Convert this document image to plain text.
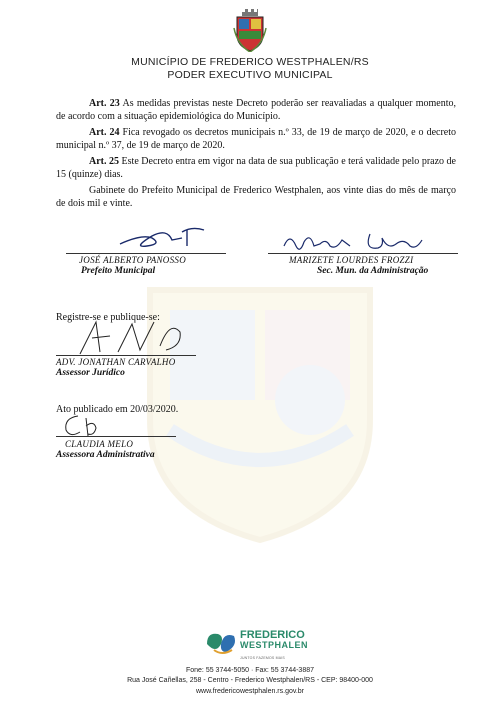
MUNICÍPIO DE FREDERICO WESTPHALEN/RS
PODER EXECUTIVO MUNICIPAL

Art. 23 As medidas previstas neste Decreto poderão ser reavaliadas a qualquer momento, de acordo com a situação epidemiológica do Município.

Art. 24 Fica revogado os decretos municipais n.º 33, de 19 de março de 2020, e o decreto municipal n.º 37, de 19 de março de 2020.

Art. 25 Este Decreto entra em vigor na data de sua publicação e terá validade pelo prazo de 15 (quinze) dias.

Gabinete do Prefeito Municipal de Frederico Westphalen, aos vinte dias do mês de março de dois mil e vinte.

JOSÉ ALBERTO PANOSSO
Prefeito Municipal
MARIZETE LOURDES FROZZI
Sec. Mun. da Administração
Registre-se e publique-se:
ADV. JONATHAN CARVALHO
Assessor Jurídico
Ato publicado em 20/03/2020.
CLAUDIA MELO
Assessora Administrativa
FREDERICO
WESTPHALEN
JUNTOS FAZEMOS MAIS
Fone: 55 3744-5050 · Fax: 55 3744-3887
Rua José Cañellas, 258 - Centro - Frederico Westphalen/RS - CEP: 98400-000
www.fredericowestphalen.rs.gov.br
